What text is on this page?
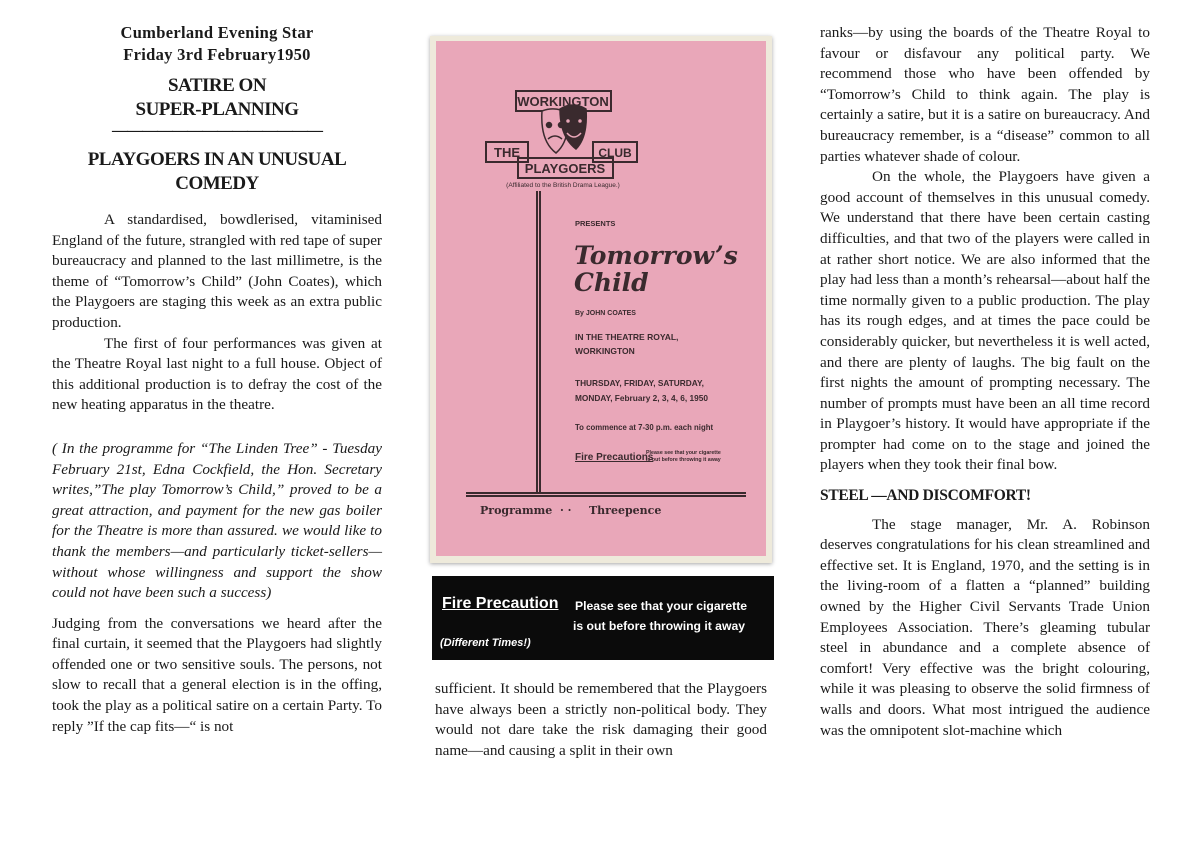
Cumberland Evening Star
Friday 3rd February1950
SATIRE ON
SUPER-PLANNING
——————————————
PLAYGOERS IN AN UNUSUAL
COMEDY

A standardised, bowdlerised, vitaminised England of the future, strangled with red tape of super bureaucracy and planned to the last millimetre, is the theme of “Tomorrow’s Child” (John Coates), which the Playgoers are staging this week as an extra public production.

The first of four performances was given at the Theatre Royal last night to a full house. Object of this additional production is to defray the cost of the new heating apparatus in the theatre.

( In the programme for “The Linden Tree” - Tuesday February 21st, Edna Cockfield, the Hon. Secretary writes,”The play Tomorrow’s Child,” proved to be a great attraction, and payment for the new gas boiler for the Theatre is more than assured. we would like to thank the members—and particularly ticket-sellers—without whose willingness and support the show could not have been such a success)

Judging from the conversations we heard after the final curtain, it seemed that the Playgoers had slightly offended one or two sensitive souls. The persons, not slow to recall that a general election is in the offing, took the play as a political satire on a certain Party. To reply ”If the cap fits—“ is not

WORKINGTON
THE	CLUB
PLAYGOERS
(Affiliated to the British Drama League.)
PRESENTS
Tomorrow’s
Child
By JOHN COATES
IN THE THEATRE ROYAL,
WORKINGTON
THURSDAY, FRIDAY, SATURDAY,
MONDAY, February 2, 3, 4, 6, 1950
To commence at 7-30 p.m. each night
Fire Precautions
Please see that your cigarette
is out before throwing it away
Programme · · Threepence
Fire Precaution Please see that your cigarette
is out before throwing it away
(Different Times!)

sufficient. It should be remembered that the Playgoers have always been a strictly non-political body. They would not dare take the risk damaging their good name—and causing a split in their own

ranks—by using the boards of the Theatre Royal to favour or disfavour any political party. We recommend those who have been offended by “Tomorrow’s Child to think again. The play is certainly a satire, but it is a satire on bureaucracy. And bureaucracy remember, is a “disease” common to all parties whatever shade of colour.

On the whole, the Playgoers have given a good account of themselves in this unusual comedy. We understand that there have been certain casting difficulties, and that two of the players were called in at rather short notice. We are also informed that the play had less than a month’s rehearsal—about half the time normally given to a public production. The play has its rough edges, and at times the pace could be considerably quicker, but nevertheless it is well acted, and there are plenty of laughs. The big fault on the first nights the amount of prompting necessary. The number of prompts must have been an all time record in Playgoer’s history. It would have appropriate if the prompter had come on to the stage and joined the players when they took their final bow.

STEEL —AND DISCOMFORT!

The stage manager, Mr. A. Robinson deserves congratulations for his clean streamlined and effective set. It is England, 1970, and the setting is in the living-room of a flatten a “planned” building owned by the Higher Civil Servants Trade Union Employees Association. There’s gleaming tubular steel in abundance and a complete absence of comfort! Very effective was the bright colouring, while it was pleasing to observe the solid firmness of walls and doors. What most intrigued the audience was the omnipotent slot-machine which
